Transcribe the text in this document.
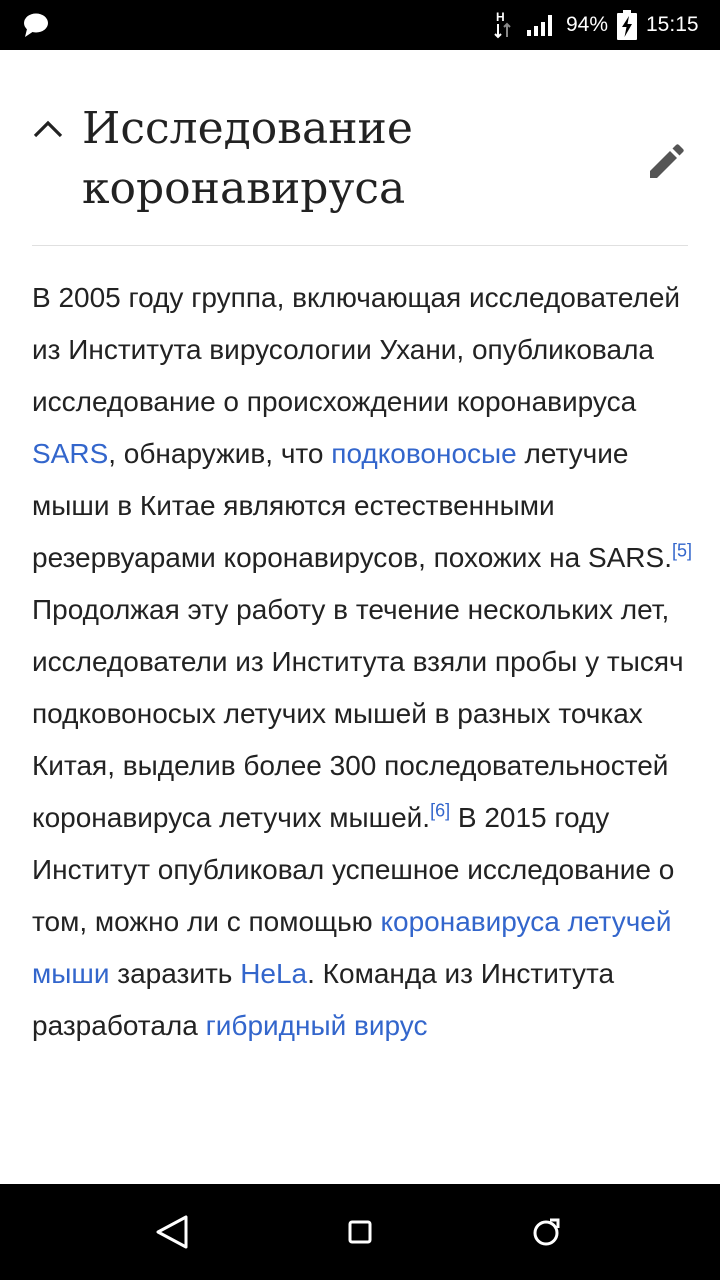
H	94% 15:15
Исследование коронавируса

В 2005 году группа, включающая исследователей из Института вирусологии Ухани, опубликовала исследование о происхождении коронавируса SARS, обнаружив, что подковоносые летучие мыши в Китае являются естественными резервуарами коронавирусов, похожих на SARS.[5] Продолжая эту работу в течение нескольких лет, исследователи из Института взяли пробы у тысяч подковоносых летучих мышей в разных точках Китая, выделив более 300 последовательностей коронавируса летучих мышей.[6] В 2015 году Институт опубликовал успешное исследование о том, можно ли с помощью коронавируса летучей мыши заразить HeLa. Команда из Института разработала гибридный вирус
